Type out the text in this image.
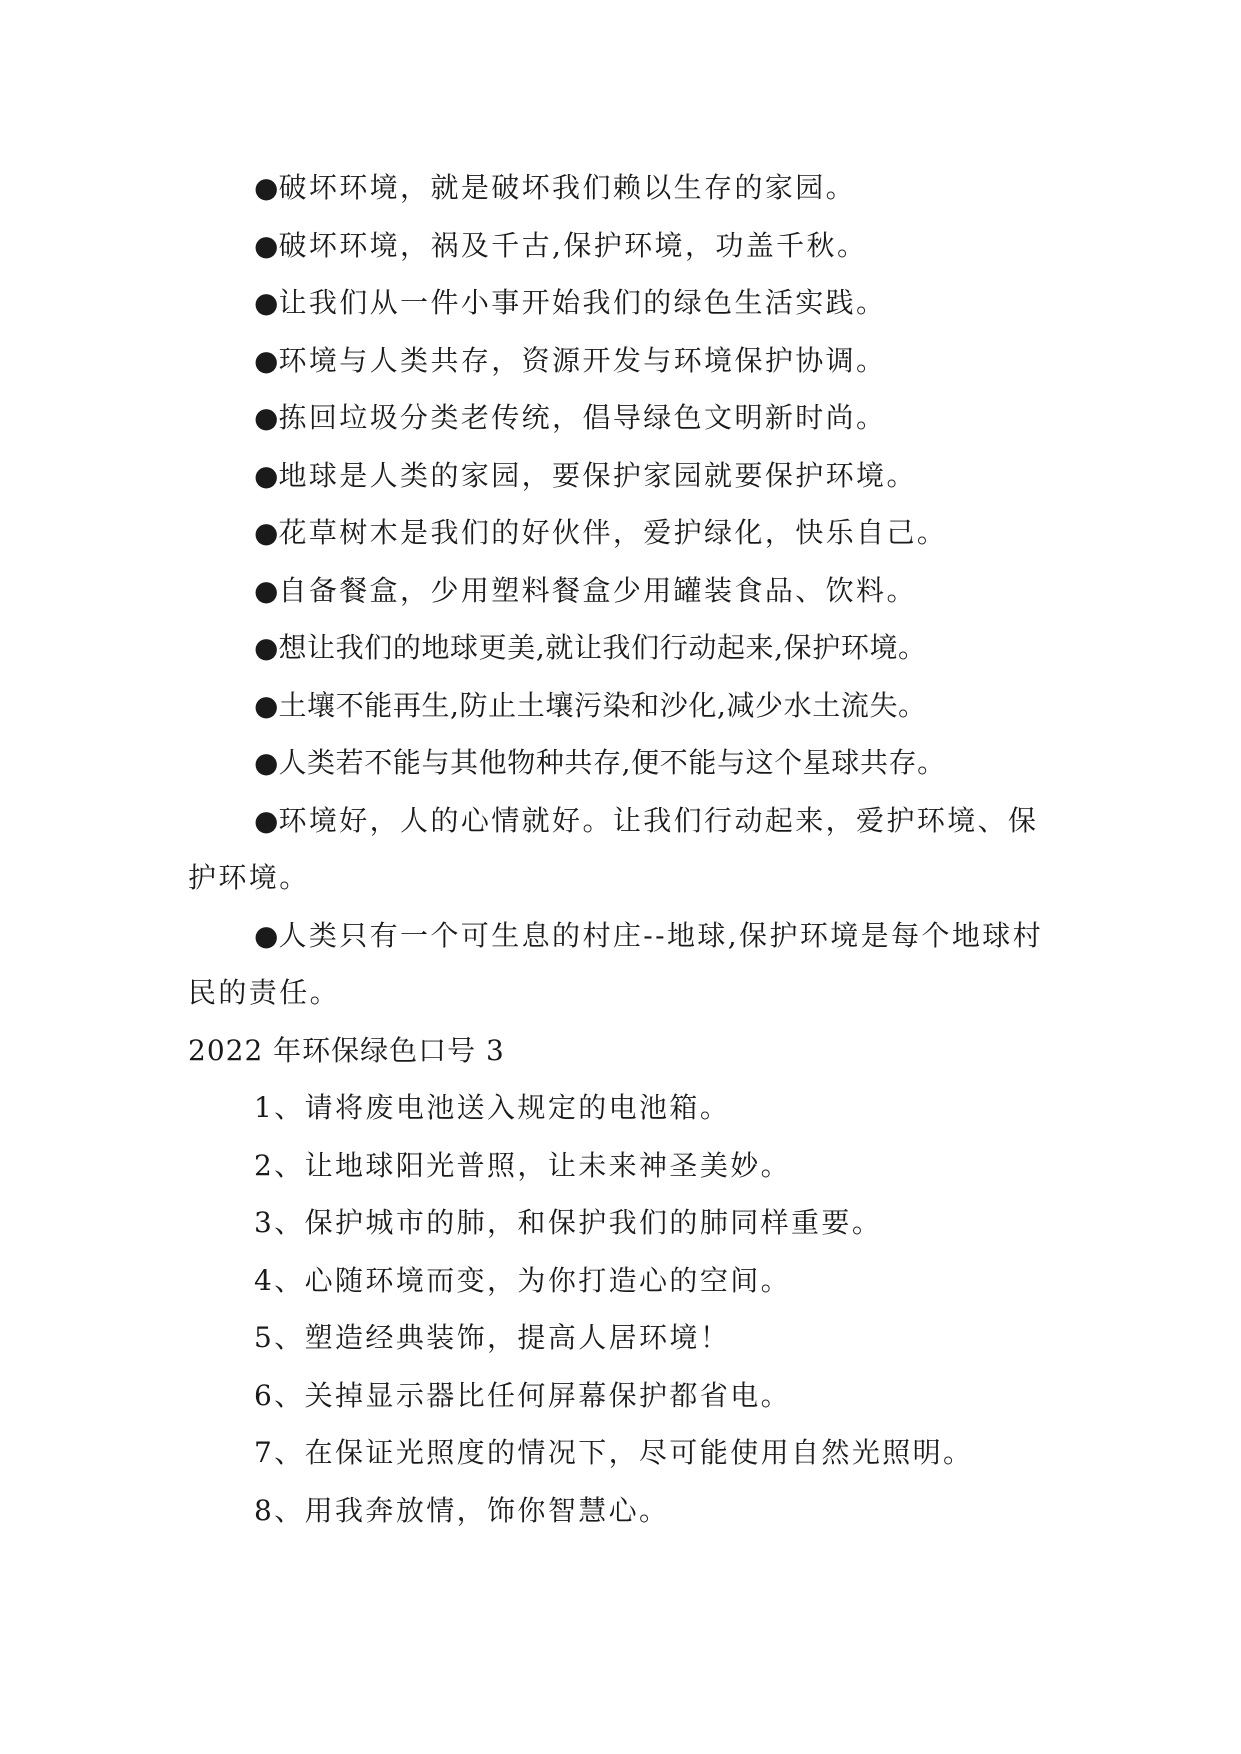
●破坏环境，就是破坏我们赖以生存的家园。

●破坏环境，祸及千古,保护环境，功盖千秋。

●让我们从一件小事开始我们的绿色生活实践。

●环境与人类共存，资源开发与环境保护协调。

●拣回垃圾分类老传统，倡导绿色文明新时尚。

●地球是人类的家园，要保护家园就要保护环境。

●花草树木是我们的好伙伴，爱护绿化，快乐自己。

●自备餐盒，少用塑料餐盒少用罐装食品、饮料。

●想让我们的地球更美,就让我们行动起来,保护环境。

●土壤不能再生,防止土壤污染和沙化,减少水土流失。

●人类若不能与其他物种共存,便不能与这个星球共存。

●环境好，人的心情就好。让我们行动起来，爱护环境、保护环境。

●人类只有一个可生息的村庄--地球,保护环境是每个地球村民的责任。

2022 年环保绿色口号 3

1、请将废电池送入规定的电池箱。

2、让地球阳光普照，让未来神圣美妙。

3、保护城市的肺，和保护我们的肺同样重要。

4、心随环境而变，为你打造心的空间。

5、塑造经典装饰，提高人居环境！

6、关掉显示器比任何屏幕保护都省电。

7、在保证光照度的情况下，尽可能使用自然光照明。

8、用我奔放情，饰你智慧心。
